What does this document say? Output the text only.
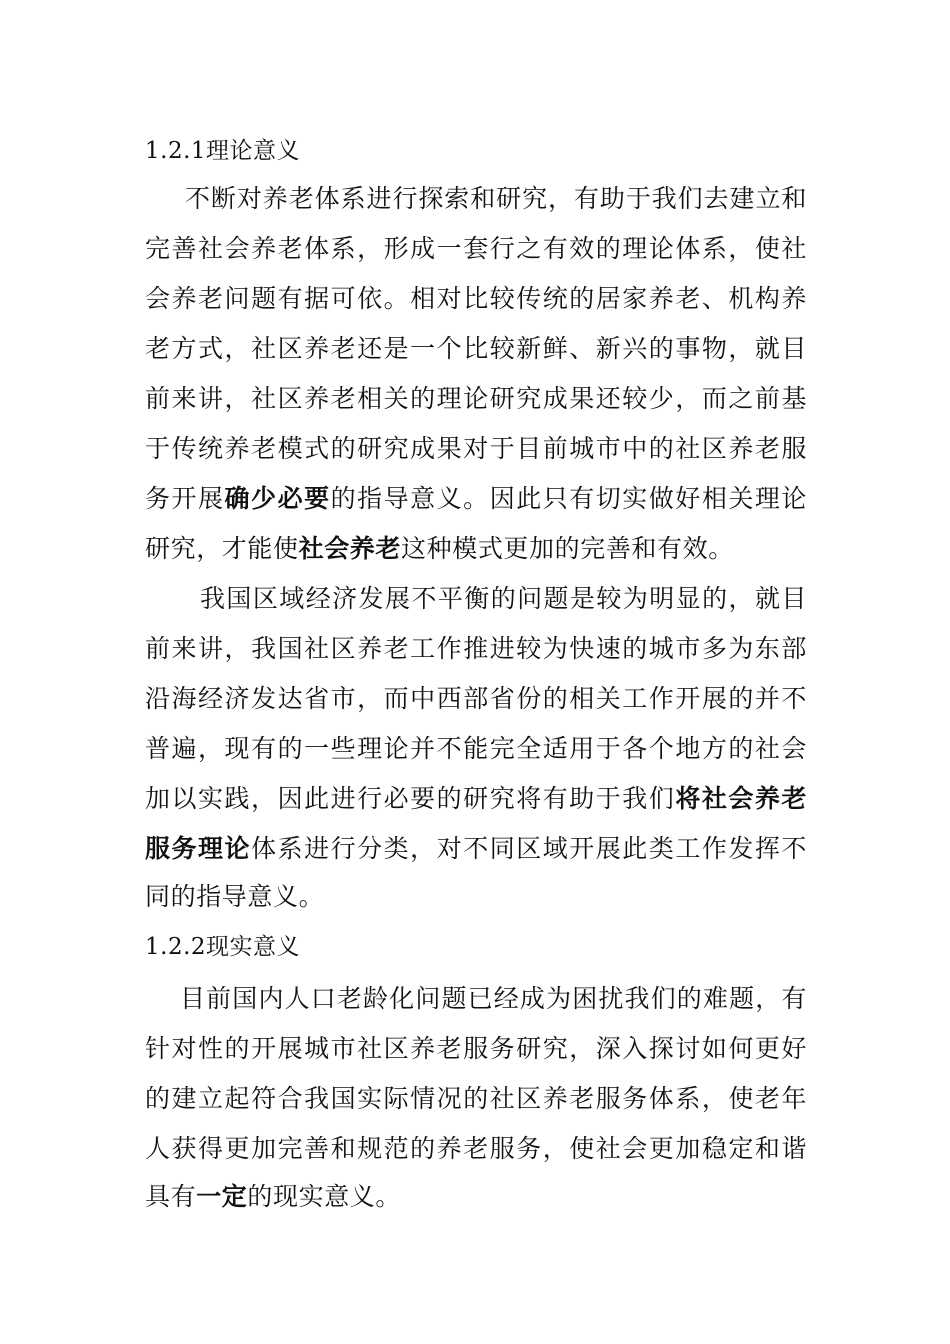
1.2.1理论意义
不断对养老体系进行探索和研究，有助于我们去建立和
完善社会养老体系，形成一套行之有效的理论体系，使社
会养老问题有据可依。相对比较传统的居家养老、机构养
老方式，社区养老还是一个比较新鲜、新兴的事物，就目
前来讲，社区养老相关的理论研究成果还较少，而之前基
于传统养老模式的研究成果对于目前城市中的社区养老服
务开展确少必要的指导意义。因此只有切实做好相关理论
研究，才能使社会养老这种模式更加的完善和有效。
我国区域经济发展不平衡的问题是较为明显的，就目
前来讲，我国社区养老工作推进较为快速的城市多为东部
沿海经济发达省市，而中西部省份的相关工作开展的并不
普遍，现有的一些理论并不能完全适用于各个地方的社会
加以实践，因此进行必要的研究将有助于我们将社会养老
服务理论体系进行分类，对不同区域开展此类工作发挥不
同的指导意义。
1.2.2现实意义
目前国内人口老龄化问题已经成为困扰我们的难题，有
针对性的开展城市社区养老服务研究，深入探讨如何更好
的建立起符合我国实际情况的社区养老服务体系，使老年
人获得更加完善和规范的养老服务，使社会更加稳定和谐
具有一定的现实意义。
